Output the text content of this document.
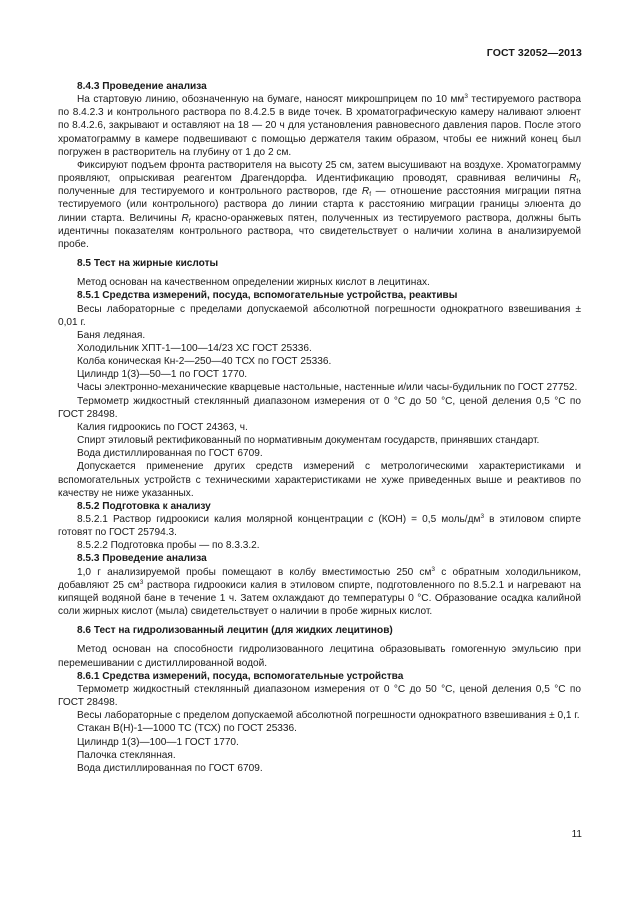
ГОСТ 32052—2013

8.4.3 Проведение анализа

На стартовую линию, обозначенную на бумаге, наносят микрошприцем по 10 $мм^3$ тестируемого раствора по 8.4.2.3 и контрольного раствора по 8.4.2.5 в виде точек. В хроматографическую камеру наливают элюент по 8.4.2.6, закрывают и оставляют на 18 — 20 ч для установления равновесного давления паров. После этого хроматограмму в камере подвешивают с помощью держателя таким образом, чтобы ее нижний конец был погружен в растворитель на глубину от 1 до 2 см.

Фиксируют подъем фронта растворителя на высоту 25 см, затем высушивают на воздухе. Хроматограмму проявляют, опрыскивая реагентом Драгендорфа. Идентификацию проводят, сравнивая величины $R_f$, полученные для тестируемого и контрольного растворов, где $R_f$ — отношение расстояния миграции пятна тестируемого (или контрольного) раствора до линии старта к расстоянию миграции границы элюента до линии старта. Величины $R_f$ красно-оранжевых пятен, полученных из тестируемого раствора, должны быть идентичны показателям контрольного раствора, что свидетельствует о наличии холина в анализируемой пробе.

8.5 Тест на жирные кислоты

Метод основан на качественном определении жирных кислот в лецитинах.

8.5.1 Средства измерений, посуда, вспомогательные устройства, реактивы

Весы лабораторные с пределами допускаемой абсолютной погрешности однократного взвешивания ± 0,01 г.

Баня ледяная.

Холодильник ХПТ-1—100—14/23 ХС ГОСТ 25336.

Колба коническая Кн-2—250—40 ТСХ по ГОСТ 25336.

Цилиндр 1(3)—50—1 по ГОСТ 1770.

Часы электронно-механические кварцевые настольные, настенные и/или часы-будильник по ГОСТ 27752.

Термометр жидкостный стеклянный диапазоном измерения от 0 °С до 50 °С, ценой деления 0,5 °С по ГОСТ 28498.

Калия гидроокись по ГОСТ 24363, ч.

Спирт этиловый ректификованный по нормативным документам государств, принявших стандарт.

Вода дистиллированная по ГОСТ 6709.

Допускается применение других средств измерений с метрологическими характеристиками и вспомогательных устройств с техническими характеристиками не хуже приведенных выше и реактивов по качеству не ниже указанных.

8.5.2 Подготовка к анализу

8.5.2.1 Раствор гидроокиси калия молярной концентрации c (КОН) = 0,5 моль/$дм^3$ в этиловом спирте готовят по ГОСТ 25794.3.

8.5.2.2 Подготовка пробы — по 8.3.3.2.

8.5.3 Проведение анализа

1,0 г анализируемой пробы помещают в колбу вместимостью 250 $см^3$ с обратным холодильником, добавляют 25 $см^3$ раствора гидроокиси калия в этиловом спирте, подготовленного по 8.5.2.1 и нагревают на кипящей водяной бане в течение 1 ч. Затем охлаждают до температуры 0 °С. Образование осадка калийной соли жирных кислот (мыла) свидетельствует о наличии в пробе жирных кислот.

8.6 Тест на гидролизованный лецитин (для жидких лецитинов)

Метод основан на способности гидролизованного лецитина образовывать гомогенную эмульсию при перемешивании с дистиллированной водой.

8.6.1 Средства измерений, посуда, вспомогательные устройства

Термометр жидкостный стеклянный диапазоном измерения от 0 °С до 50 °С, ценой деления 0,5 °С по ГОСТ 28498.

Весы лабораторные с пределом допускаемой абсолютной погрешности однократного взвешивания ± 0,1 г.

Стакан В(Н)-1—1000 ТС (ТСХ) по ГОСТ 25336.

Цилиндр 1(3)—100—1 ГОСТ 1770.

Палочка стеклянная.

Вода дистиллированная по ГОСТ 6709.

11
